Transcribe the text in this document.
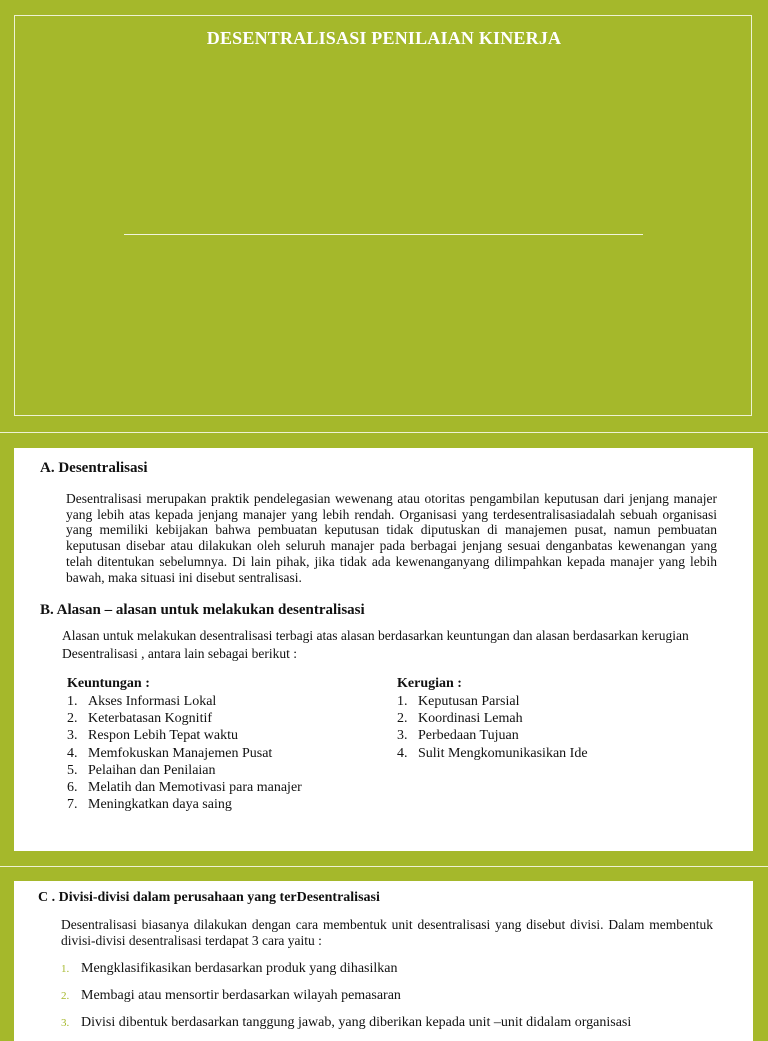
DESENTRALISASI PENILAIAN KINERJA
A. Desentralisasi
Desentralisasi merupakan praktik pendelegasian wewenang atau otoritas pengambilan keputusan dari jenjang manajer yang lebih atas kepada jenjang manajer yang lebih rendah. Organisasi yang terdesentralisasiadalah sebuah organisasi yang memiliki kebijakan bahwa pembuatan keputusan tidak diputuskan di manajemen pusat, namun pembuatan keputusan disebar atau dilakukan oleh seluruh manajer pada berbagai jenjang sesuai denganbatas kewenangan yang telah ditentukan sebelumnya. Di lain pihak, jika tidak ada kewenanganyang dilimpahkan kepada manajer yang lebih bawah, maka situasi ini disebut sentralisasi.
B. Alasan – alasan untuk melakukan desentralisasi
Alasan untuk melakukan desentralisasi terbagi atas alasan berdasarkan keuntungan dan alasan berdasarkan kerugian Desentralisasi , antara lain sebagai berikut :
Keuntungan :
1. Akses Informasi Lokal
2. Keterbatasan Kognitif
3. Respon Lebih Tepat waktu
4. Memfokuskan Manajemen Pusat
5. Pelaihan dan Penilaian
6. Melatih dan Memotivasi para manajer
7. Meningkatkan daya saing
Kerugian :
1. Keputusan Parsial
2. Koordinasi Lemah
3. Perbedaan Tujuan
4. Sulit Mengkomunikasikan Ide
C . Divisi-divisi dalam perusahaan yang terDesentralisasi
Desentralisasi biasanya dilakukan dengan cara membentuk unit desentralisasi yang disebut divisi. Dalam membentuk divisi-divisi desentralisasi terdapat 3 cara yaitu :
1. Mengklasifikasikan berdasarkan produk yang dihasilkan
2. Membagi atau mensortir berdasarkan wilayah pemasaran
3. Divisi dibentuk berdasarkan tanggung jawab, yang diberikan kepada unit –unit didalam organisasi
